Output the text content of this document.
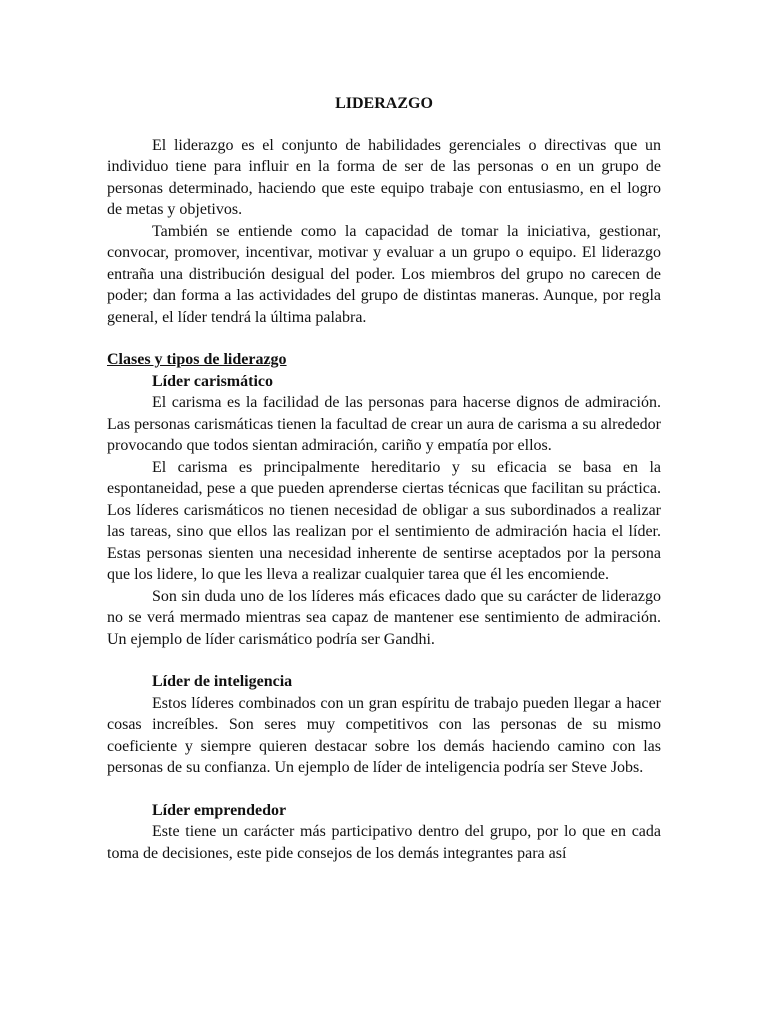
LIDERAZGO

El liderazgo es el conjunto de habilidades gerenciales o directivas que un individuo tiene para influir en la forma de ser de las personas o en un grupo de personas determinado, haciendo que este equipo trabaje con entusiasmo, en el logro de metas y objetivos.

También se entiende como la capacidad de tomar la iniciativa, gestionar, convocar, promover, incentivar, motivar y evaluar a un grupo o equipo. El liderazgo entraña una distribución desigual del poder. Los miembros del grupo no carecen de poder; dan forma a las actividades del grupo de distintas maneras. Aunque, por regla general, el líder tendrá la última palabra.

Clases y tipos de liderazgo
Líder carismático

El carisma es la facilidad de las personas para hacerse dignos de admiración. Las personas carismáticas tienen la facultad de crear un aura de carisma a su alrededor provocando que todos sientan admiración, cariño y empatía por ellos.

El carisma es principalmente hereditario y su eficacia se basa en la espontaneidad, pese a que pueden aprenderse ciertas técnicas que facilitan su práctica. Los líderes carismáticos no tienen necesidad de obligar a sus subordinados a realizar las tareas, sino que ellos las realizan por el sentimiento de admiración hacia el líder. Estas personas sienten una necesidad inherente de sentirse aceptados por la persona que los lidere, lo que les lleva a realizar cualquier tarea que él les encomiende.

Son sin duda uno de los líderes más eficaces dado que su carácter de liderazgo no se verá mermado mientras sea capaz de mantener ese sentimiento de admiración. Un ejemplo de líder carismático podría ser Gandhi.

Líder de inteligencia

Estos líderes combinados con un gran espíritu de trabajo pueden llegar a hacer cosas increíbles. Son seres muy competitivos con las personas de su mismo coeficiente y siempre quieren destacar sobre los demás haciendo camino con las personas de su confianza. Un ejemplo de líder de inteligencia podría ser Steve Jobs.

Líder emprendedor

Este tiene un carácter más participativo dentro del grupo, por lo que en cada toma de decisiones, este pide consejos de los demás integrantes para así
